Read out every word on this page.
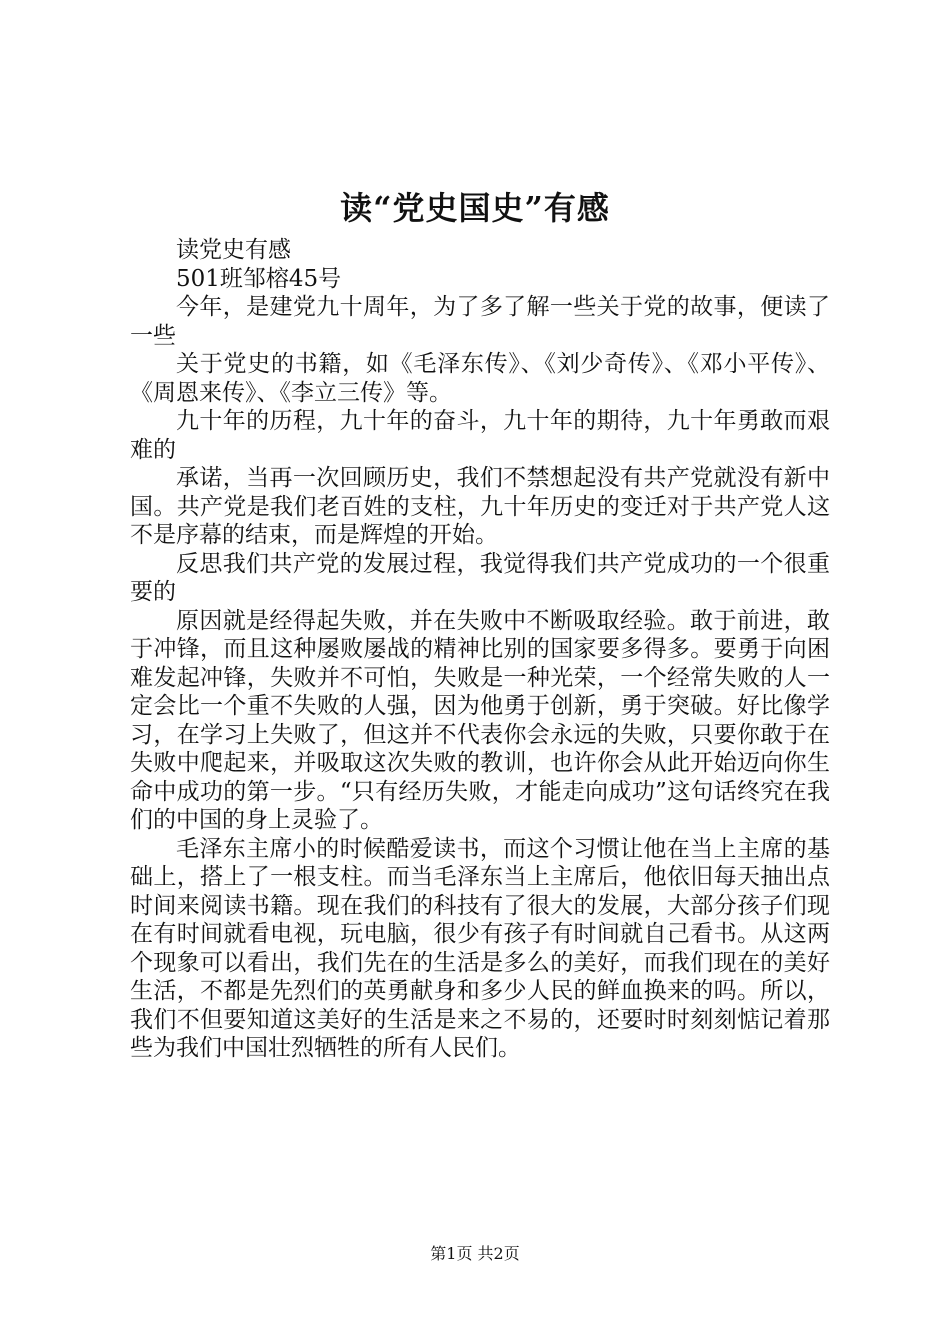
读“党史国史”有感

读党史有感

501班邹榕45号

今年，是建党九十周年，为了多了解一些关于党的故事，便读了一些

关于党史的书籍，如《毛泽东传》、《刘少奇传》、《邓小平传》、《周恩来传》、《李立三传》等。

九十年的历程，九十年的奋斗，九十年的期待，九十年勇敢而艰难的

承诺，当再一次回顾历史，我们不禁想起没有共产党就没有新中国。共产党是我们老百姓的支柱，九十年历史的变迁对于共产党人这不是序幕的结束，而是辉煌的开始。

反思我们共产党的发展过程，我觉得我们共产党成功的一个很重要的

原因就是经得起失败，并在失败中不断吸取经验。敢于前进，敢于冲锋，而且这种屡败屡战的精神比别的国家要多得多。要勇于向困难发起冲锋，失败并不可怕，失败是一种光荣，一个经常失败的人一定会比一个重不失败的人强，因为他勇于创新，勇于突破。好比像学习，在学习上失败了，但这并不代表你会永远的失败，只要你敢于在失败中爬起来，并吸取这次失败的教训，也许你会从此开始迈向你生命中成功的第一步。“只有经历失败，才能走向成功”这句话终究在我们的中国的身上灵验了。

毛泽东主席小的时候酷爱读书，而这个习惯让他在当上主席的基础上，搭上了一根支柱。而当毛泽东当上主席后，他依旧每天抽出点时间来阅读书籍。现在我们的科技有了很大的发展，大部分孩子们现在有时间就看电视，玩电脑，很少有孩子有时间就自己看书。从这两个现象可以看出，我们先在的生活是多么的美好，而我们现在的美好生活，不都是先烈们的英勇献身和多少人民的鲜血换来的吗。所以，我们不但要知道这美好的生活是来之不易的，还要时时刻刻惦记着那些为我们中国壮烈牺牲的所有人民们。

第1页 共2页
